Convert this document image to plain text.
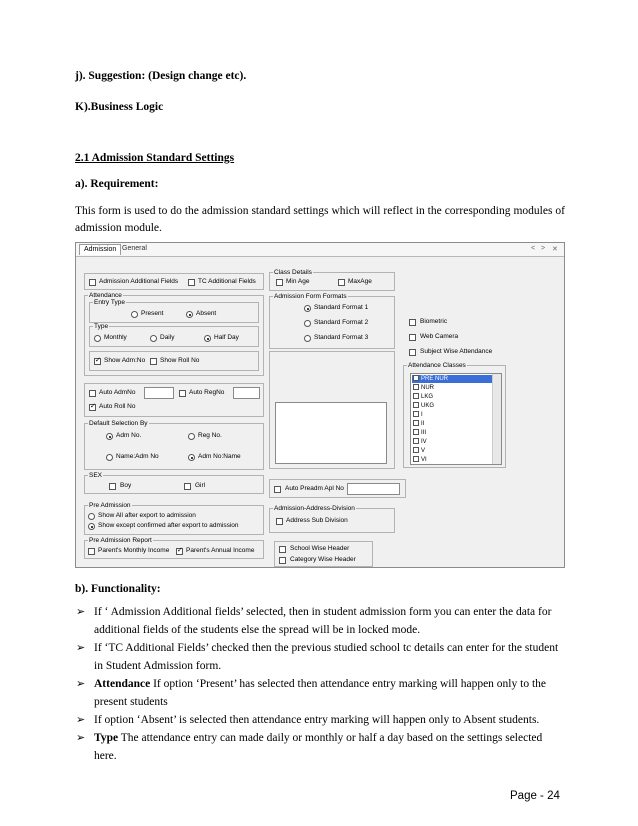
j). Suggestion: (Design change etc).
K).Business Logic
2.1 Admission Standard Settings
a). Requirement:
This form is used to do the admission standard settings which will reflect in the corresponding modules of admission module.
Admission General	< > ✕
Admission Additional Fields	TC Additional Fields
Attendance
Entry Type
Present	Absent
Type
Monthly	Daily	Half Day
✓
Show Adm:No Show Roll No
Class Details
Min Age	MaxAge
Admission Form Formats
Standard Format 1
Standard Format 2
Standard Format 3
Biometric
Web Camera
Subject Wise Attendance
Attendance Classes
PRE NUR
NUR
LKG
UKG
I
II
III
IV
V
VI
Auto AdmNo	Auto RegNo
✓
Auto Roll No
Default Selection By
Adm No.	Reg No.
Name:Adm No	Adm No:Name
SEX
Boy	Girl	Auto Preadm Apl No
Pre Admission
Show All after export to admission
Show except confirmed after export to admission
Admission-Address-Division
Address Sub Division
Pre Admission Report
Parent's Monthly Income ✓	Parent's Annual Income	School Wise Header
Category Wise Header
b). Functionality:
➢ If ‘ Admission Additional fields’ selected, then in student admission form you can enter the data for additional fields of the students else the spread will be in locked mode.
➢ If ‘TC Additional Fields’ checked then the previous studied school tc details can enter for the student in Student Admission form.
➢ Attendance If option ‘Present’ has selected then attendance entry marking will happen only to the present students
➢ If option ‘Absent’ is selected then attendance entry marking will happen only to Absent students.
➢ Type The attendance entry can made daily or monthly or half a day based on the settings selected here.
Page - 24
